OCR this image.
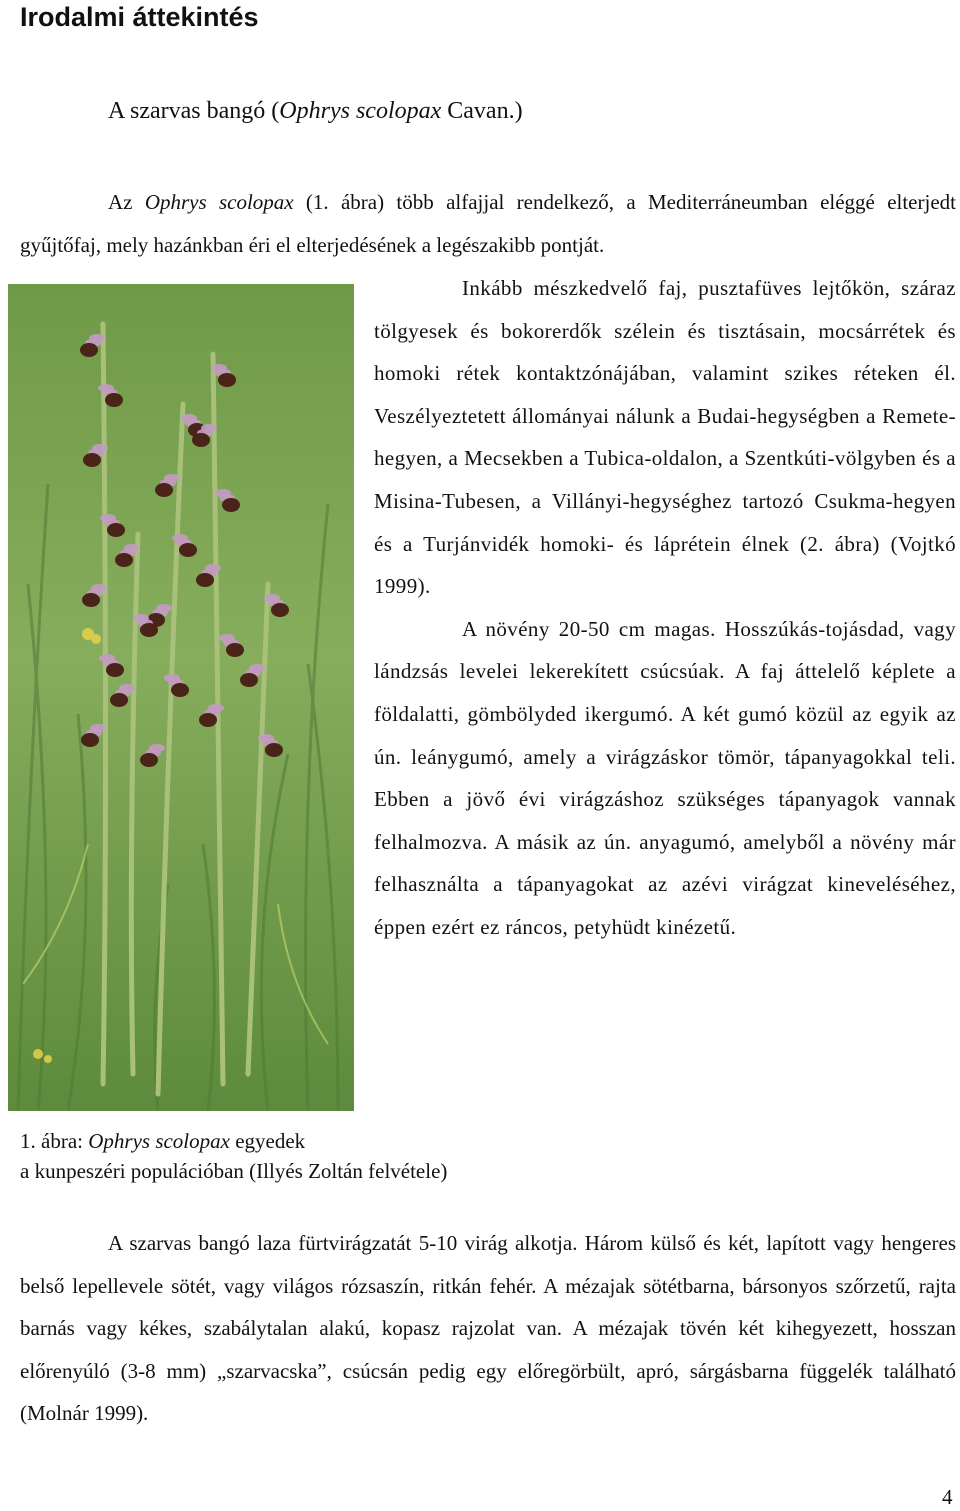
Irodalmi áttekintés

A szarvas bangó (Ophrys scolopax Cavan.)

Az Ophrys scolopax (1. ábra) több alfajjal rendelkező, a Mediterráneumban eléggé elterjedt gyűjtőfaj, mely hazánkban éri el elterjedésének a legészakibb pontját.

Inkább mészkedvelő faj, pusztafüves lejtőkön, száraz tölgyesek és bokorerdők szélein és tisztásain, mocsárrétek és homoki rétek kontaktzónájában, valamint szikes réteken él. Veszélyeztetett állományai nálunk a Budai-hegységben a Remete-hegyen, a Mecsekben a Tubica-oldalon, a Szentkúti-völgyben és a Misina-Tubesen, a Villányi-hegységhez tartozó Csukma-hegyen és a Turjánvidék homoki- és láprétein élnek (2. ábra) (Vojtkó 1999).

A növény 20-50 cm magas. Hosszúkás-tojásdad, vagy lándzsás levelei lekerekített csúcsúak. A faj áttelelő képlete a földalatti, gömbölyded ikergumó. A két gumó közül az egyik az ún. leánygumó, amely a virágzáskor tömör, tápanyagokkal teli. Ebben a jövő évi virágzáshoz szükséges tápanyagok vannak felhalmozva. A másik az ún. anyagumó, amelyből a növény már felhasználta a tápanyagokat az azévi virágzat kineveléséhez, éppen ezért ez ráncos, petyhüdt kinézetű.

1. ábra: Ophrys scolopax egyedek
a kunpeszéri populációban (Illyés Zoltán felvétele)

A szarvas bangó laza fürtvirágzatát 5-10 virág alkotja. Három külső és két, lapított vagy hengeres belső lepellevele sötét, vagy világos rózsaszín, ritkán fehér. A mézajak sötétbarna, bársonyos szőrzetű, rajta barnás vagy kékes, szabálytalan alakú, kopasz rajzolat van. A mézajak tövén két kihegyezett, hosszan előrenyúló (3-8 mm) „szarvacska”, csúcsán pedig egy előregörbült, apró, sárgásbarna függelék található (Molnár 1999).

4
